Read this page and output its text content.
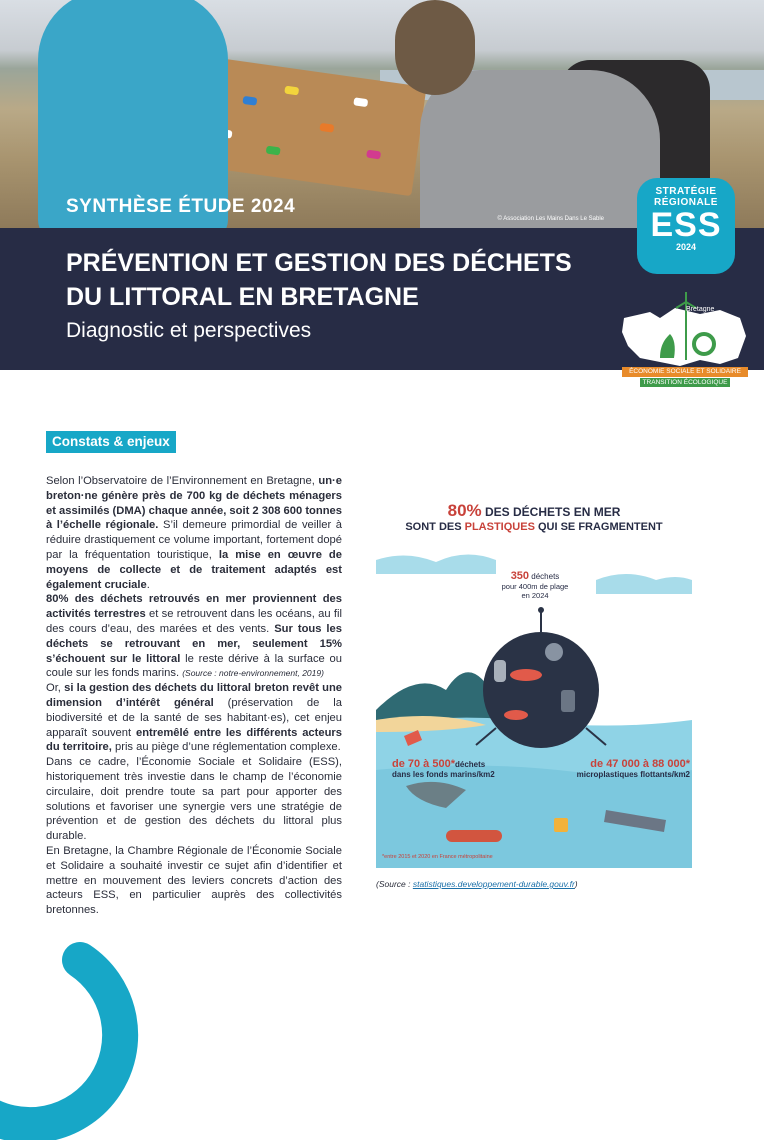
© Association Les Mains Dans Le Sable
SYNTHÈSE ÉTUDE 2024
PRÉVENTION ET GESTION DES DÉCHETS
DU LITTORAL EN BRETAGNE
Diagnostic et perspectives
STRATÉGIE
RÉGIONALE
ESS
2024
Bretagne
ÉCONOMIE SOCIALE ET SOLIDAIRE
TRANSITION ÉCOLOGIQUE
Constats & enjeux
Selon l’Observatoire de l’Environnement en Bretagne, un·e breton·ne génère près de 700 kg de déchets ménagers et assimilés (DMA) chaque année, soit 2 308 600 tonnes à l’échelle régionale. S’il demeure primordial de veiller à réduire drastiquement ce volume important, fortement dopé par la fréquentation touristique, la mise en œuvre de moyens de collecte et de traitement adaptés est également cruciale.
80% des déchets retrouvés en mer proviennent des activités terrestres et se retrouvent dans les océans, au fil des cours d’eau, des marées et des vents. Sur tous les déchets se retrouvant en mer, seulement 15% s’échouent sur le littoral le reste dérive à la surface ou coule sur les fonds marins. (Source : notre-environnement, 2019)
Or, si la gestion des déchets du littoral breton revêt une dimension d’intérêt général (préservation de la biodiversité et de la santé de ses habitant·es), cet enjeu apparaît souvent entremêlé entre les différents acteurs du territoire, pris au piège d’une réglementation complexe.
Dans ce cadre, l’Économie Sociale et Solidaire (ESS), historiquement très investie dans le champ de l’économie circulaire, doit prendre toute sa part pour apporter des solutions et favoriser une synergie vers une stratégie de prévention et de gestion des déchets du littoral plus durable.
En Bretagne, la Chambre Régionale de l’Économie Sociale et Solidaire a souhaité investir ce sujet afin d’identifier et mettre en mouvement des leviers concrets d’action des acteurs ESS, en particulier auprès des collectivités bretonnes.
80% DES DÉCHETS EN MER
SONT DES PLASTIQUES QUI SE FRAGMENTENT
350 déchets
pour 400m de plage
en 2024
de 70 à 500*déchets
dans les fonds marins/km2
de 47 000 à 88 000*
microplastiques flottants/km2
*entre 2015 et 2020 en France métropolitaine
(Source : statistiques.developpement-durable.gouv.fr)
